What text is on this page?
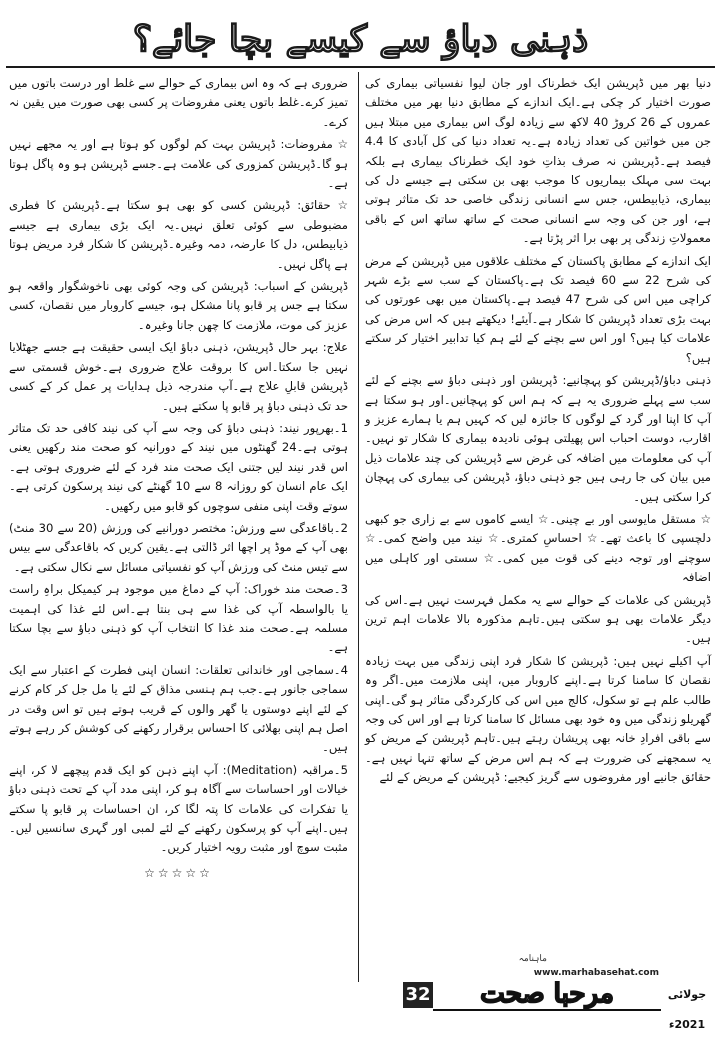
ذہنی دباؤ سے کیسے بچا جائے؟

دنیا بھر میں ڈپریشن ایک خطرناک اور جان لیوا نفسیاتی بیماری کی صورت اختیار کر چکی ہے۔ایک اندازے کے مطابق دنیا بھر میں مختلف عمروں کے 26 کروڑ 40 لاکھ سے زیادہ لوگ اس بیماری میں مبتلا ہیں جن میں خواتین کی تعداد زیادہ ہے۔یہ تعداد دنیا کی کل آبادی کا 4.4 فیصد ہے۔ڈپریشن نہ صرف بذاتِ خود ایک خطرناک بیماری ہے بلکہ بہت سی مہلک بیماریوں کا موجب بھی بن سکتی ہے جیسے دل کی بیماری، ذیابیطس، جس سے انسانی زندگی خاصی حد تک متاثر ہوتی ہے، اور جن کی وجہ سے انسانی صحت کے ساتھ ساتھ اس کے باقی معمولاتِ زندگی پر بھی برا اثر پڑتا ہے۔

ایک اندازے کے مطابق پاکستان کے مختلف علاقوں میں ڈپریشن کے مرض کی شرح 22 سے 60 فیصد تک ہے۔پاکستان کے سب سے بڑے شہر کراچی میں اس کی شرح 47 فیصد ہے۔پاکستان میں بھی عورتوں کی بہت بڑی تعداد ڈپریشن کا شکار ہے۔آیئے! دیکھتے ہیں کہ اس مرض کی علامات کیا ہیں؟ اور اس سے بچنے کے لئے ہم کیا تدابیر اختیار کر سکتے ہیں؟

ذہنی دباؤ/ڈپریشن کو پہچانیے: ڈپریشن اور ذہنی دباؤ سے بچنے کے لئے سب سے پہلے ضروری یہ ہے کہ ہم اس کو پہچانیں۔اور ہو سکتا ہے آپ کا اپنا اور گرد کے لوگوں کا جائزہ لیں کہ کہیں ہم یا ہمارے عزیز و اقارب، دوست احباب اس پھیلتی ہوئی نادیدہ بیماری کا شکار تو نہیں۔آپ کی معلومات میں اضافہ کی غرض سے ڈپریشن کی چند علامات ذیل میں بیان کی جا رہی ہیں جو ذہنی دباؤ، ڈپریشن کی بیماری کی پہچان کرا سکتی ہیں۔

☆ مستقل مایوسی اور بے چینی۔☆ ایسے کاموں سے بے زاری جو کبھی دلچسپی کا باعث تھے۔☆ احساسِ کمتری۔☆ نیند میں واضح کمی۔☆ سوچنے اور توجہ دینے کی قوت میں کمی۔☆ سستی اور کاہلی میں اضافہ

ڈپریشن کی علامات کے حوالے سے یہ مکمل فہرست نہیں ہے۔اس کی دیگر علامات بھی ہو سکتی ہیں۔تاہم مذکورہ بالا علامات اہم ترین ہیں۔

آپ اکیلے نہیں ہیں: ڈپریشن کا شکار فرد اپنی زندگی میں بہت زیادہ نقصان کا سامنا کرتا ہے۔اپنے کاروبار میں، اپنی ملازمت میں۔اگر وہ طالب علم ہے تو سکول، کالج میں اس کی کارکردگی متاثر ہو گی۔اپنی گھریلو زندگی میں وہ خود بھی مسائل کا سامنا کرتا ہے اور اس کی وجہ سے باقی افرادِ خانہ بھی پریشان رہتے ہیں۔تاہم ڈپریشن کے مریض کو یہ سمجھنے کی ضرورت ہے کہ ہم اس مرض کے ساتھ تنہا نہیں ہے۔حقائق جانیے اور مفروضوں سے گریز کیجیے: ڈپریشن کے مریض کے لئے

ضروری ہے کہ وہ اس بیماری کے حوالے سے غلط اور درست باتوں میں تمیز کرے۔غلط باتوں یعنی مفروضات پر کسی بھی صورت میں یقین نہ کرے۔

☆ مفروضات: ڈپریشن بہت کم لوگوں کو ہوتا ہے اور یہ مجھے نہیں ہو گا۔ڈپریشن کمزوری کی علامت ہے۔جسے ڈپریشن ہو وہ پاگل ہوتا ہے۔

☆ حقائق: ڈپریشن کسی کو بھی ہو سکتا ہے۔ڈپریشن کا فطری مضبوطی سے کوئی تعلق نہیں۔یہ ایک بڑی بیماری ہے جیسے ذیابیطس، دل کا عارضہ، دمہ وغیرہ۔ڈپریشن کا شکار فرد مریض ہوتا ہے پاگل نہیں۔

ڈپریشن کے اسباب: ڈپریشن کی وجہ کوئی بھی ناخوشگوار واقعہ ہو سکتا ہے جس پر قابو پانا مشکل ہو، جیسے کاروبار میں نقصان، کسی عزیز کی موت، ملازمت کا چھن جانا وغیرہ۔

علاج: بہر حال ڈپریشن، ذہنی دباؤ ایک ایسی حقیقت ہے جسے جھٹلایا نہیں جا سکتا۔اس کا بروقت علاج ضروری ہے۔خوش قسمتی سے ڈپریشن قابلِ علاج ہے۔آپ مندرجہ ذیل ہدایات پر عمل کر کے کسی حد تک ذہنی دباؤ پر قابو پا سکتے ہیں۔

1۔بھرپور نیند: ذہنی دباؤ کی وجہ سے آپ کی نیند کافی حد تک متاثر ہوتی ہے۔24 گھنٹوں میں نیند کے دورانیہ کو صحت مند رکھیں یعنی اس قدر نیند لیں جتنی ایک صحت مند فرد کے لئے ضروری ہوتی ہے۔ایک عام انسان کو روزانہ 8 سے 10 گھنٹے کی نیند پرسکون کرتی ہے۔سوتے وقت اپنی منفی سوچوں کو قابو میں رکھیں۔

2۔باقاعدگی سے ورزش: مختصر دورانیے کی ورزش (20 سے 30 منٹ) بھی آپ کے موڈ پر اچھا اثر ڈالتی ہے۔یقین کریں کہ باقاعدگی سے بیس سے تیس منٹ کی ورزش آپ کو نفسیاتی مسائل سے نکال سکتی ہے۔

3۔صحت مند خوراک: آپ کے دماغ میں موجود ہر کیمیکل براہِ راست یا بالواسطہ آپ کی غذا سے ہی بنتا ہے۔اس لئے غذا کی اہمیت مسلمہ ہے۔صحت مند غذا کا انتخاب آپ کو ذہنی دباؤ سے بچا سکتا ہے۔

4۔سماجی اور خاندانی تعلقات: انسان اپنی فطرت کے اعتبار سے ایک سماجی جانور ہے۔جب ہم ہنسی مذاق کے لئے یا مل جل کر کام کرنے کے لئے اپنے دوستوں یا گھر والوں کے قریب ہوتے ہیں تو اس وقت در اصل ہم اپنی بھلائی کا احساس برقرار رکھنے کی کوشش کر رہے ہوتے ہیں۔

5۔مراقبہ (Meditation): آپ اپنے ذہن کو ایک قدم پیچھے لا کر، اپنے خیالات اور احساسات سے آگاہ ہو کر، اپنی مدد آپ کے تحت ذہنی دباؤ یا تفکرات کی علامات کا پتہ لگا کر، ان احساسات پر قابو پا سکتے ہیں۔اپنے آپ کو پرسکون رکھنے کے لئے لمبی اور گہری سانسیں لیں۔مثبت سوچ اور مثبت رویہ اختیار کریں۔

☆☆☆☆☆
ماہنامہ
www.marhabasehat.com
مرحبا صحت
32	جولائی 2021ء
